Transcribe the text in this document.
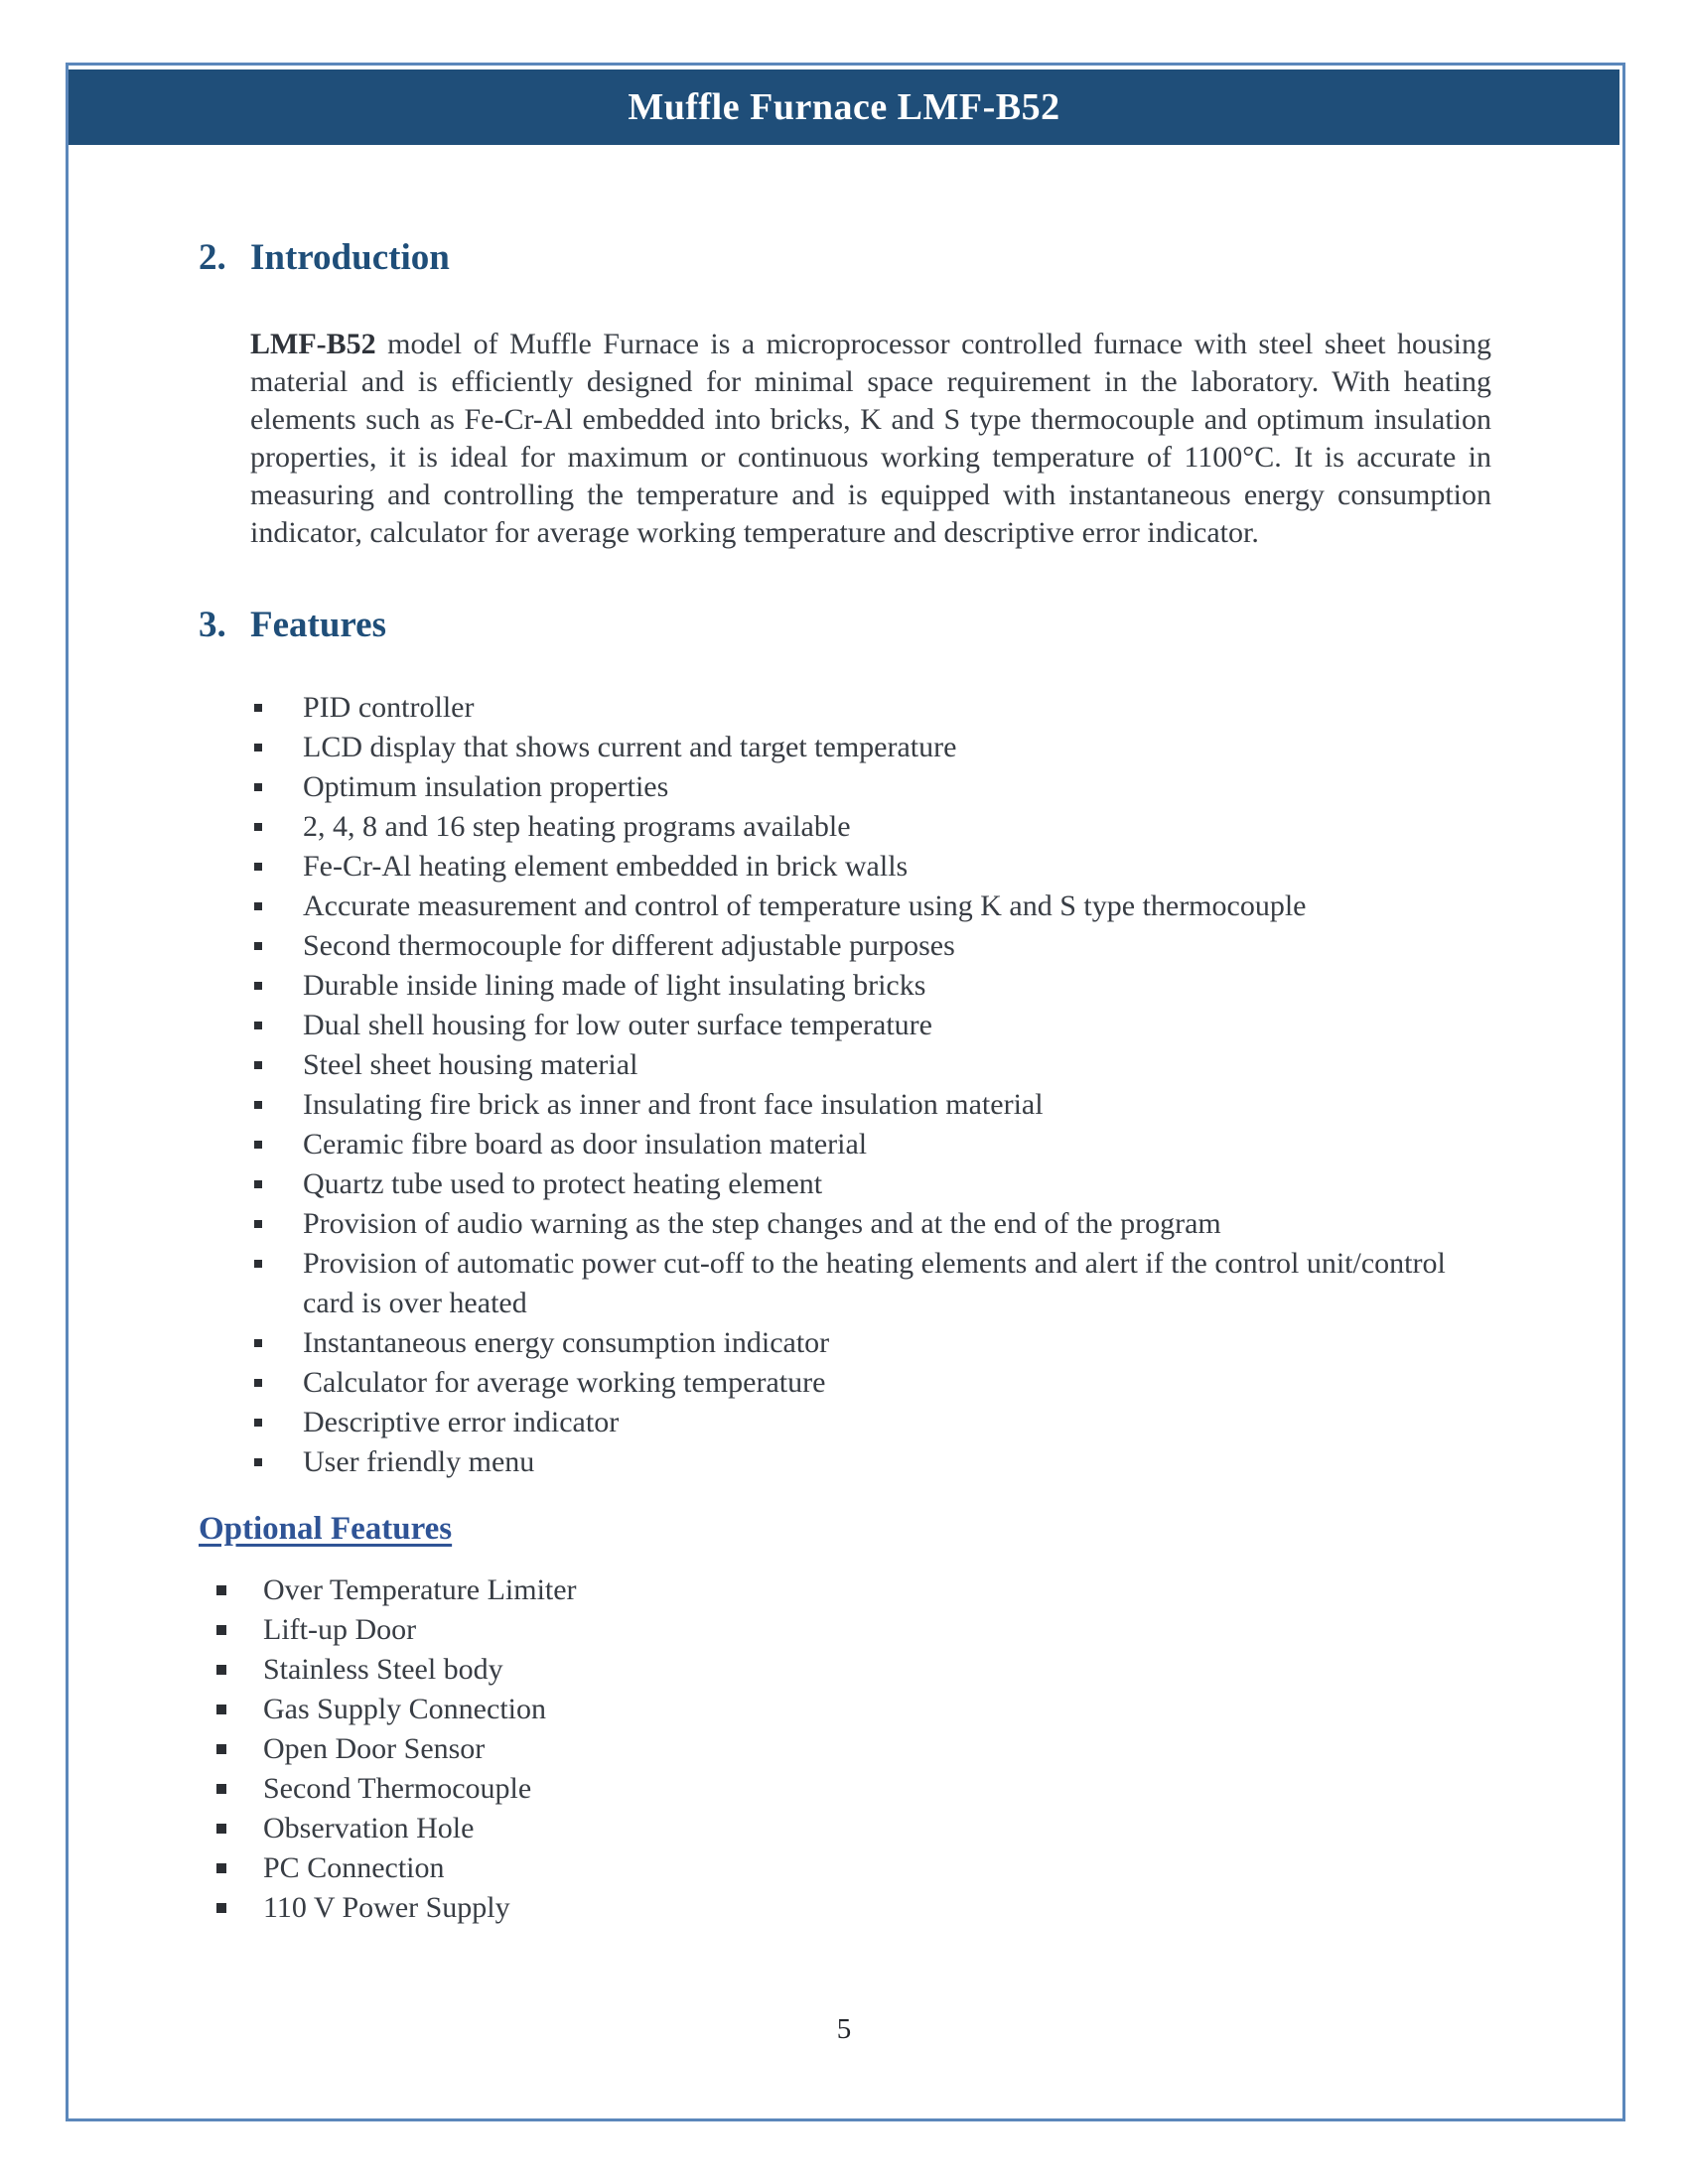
Muffle Furnace LMF-B52
2. Introduction

LMF-B52 model of Muffle Furnace is a microprocessor controlled furnace with steel sheet housing material and is efficiently designed for minimal space requirement in the laboratory. With heating elements such as Fe-Cr-Al embedded into bricks, K and S type thermocouple and optimum insulation properties, it is ideal for maximum or continuous working temperature of 1100°C. It is accurate in measuring and controlling the temperature and is equipped with instantaneous energy consumption indicator, calculator for average working temperature and descriptive error indicator.

3. Features
PID controller
LCD display that shows current and target temperature
Optimum insulation properties
2, 4, 8 and 16 step heating programs available
Fe-Cr-Al heating element embedded in brick walls
Accurate measurement and control of temperature using K and S type thermocouple
Second thermocouple for different adjustable purposes
Durable inside lining made of light insulating bricks
Dual shell housing for low outer surface temperature
Steel sheet housing material
Insulating fire brick as inner and front face insulation material
Ceramic fibre board as door insulation material
Quartz tube used to protect heating element
Provision of audio warning as the step changes and at the end of the program
Provision of automatic power cut-off to the heating elements and alert if the control unit/control card is over heated
Instantaneous energy consumption indicator
Calculator for average working temperature
Descriptive error indicator
User friendly menu
Optional Features
Over Temperature Limiter
Lift-up Door
Stainless Steel body
Gas Supply Connection
Open Door Sensor
Second Thermocouple
Observation Hole
PC Connection
110 V Power Supply
5
